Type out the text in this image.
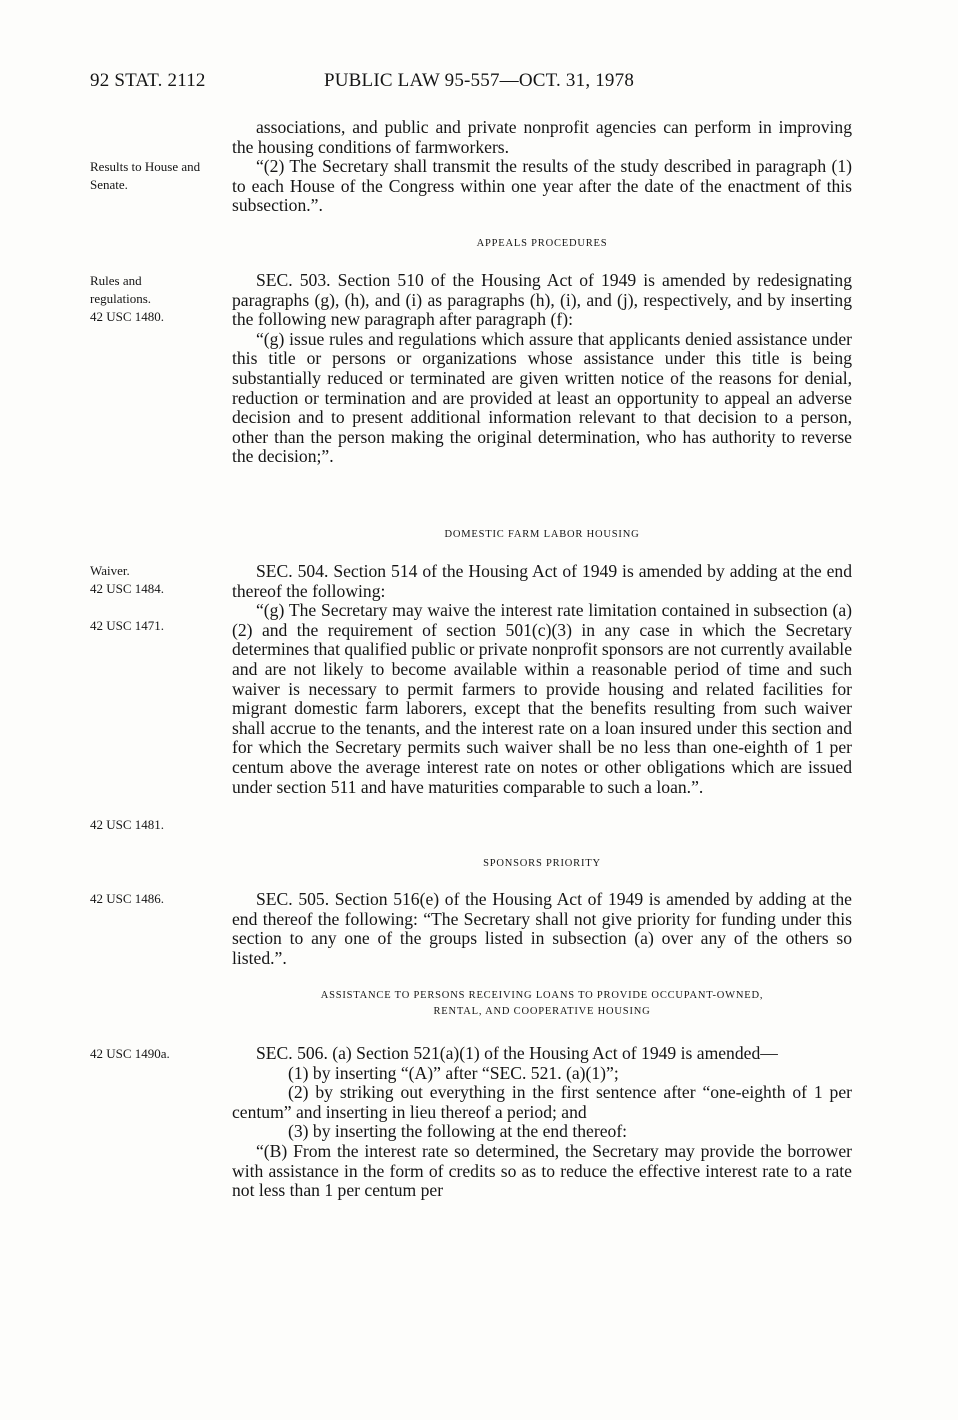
92 STAT. 2112	PUBLIC LAW 95-557—OCT. 31, 1978
Results to House and Senate.
Rules and
regulations.
42 USC 1480.
Waiver.
42 USC 1484.
42 USC 1471.
42 USC 1481.
42 USC 1486.
42 USC 1490a.

associations, and public and private nonprofit agencies can perform in improving the housing conditions of farmworkers.

“(2) The Secretary shall transmit the results of the study described in paragraph (1) to each House of the Congress within one year after the date of the enactment of this subsection.”.

APPEALS PROCEDURES

SEC. 503. Section 510 of the Housing Act of 1949 is amended by redesignating paragraphs (g), (h), and (i) as paragraphs (h), (i), and (j), respectively, and by inserting the following new paragraph after paragraph (f):

“(g) issue rules and regulations which assure that applicants denied assistance under this title or persons or organizations whose assistance under this title is being substantially reduced or terminated are given written notice of the reasons for denial, reduction or termination and are provided at least an opportunity to appeal an adverse decision and to present additional information relevant to that decision to a person, other than the person making the original determination, who has authority to reverse the decision;”.

DOMESTIC FARM LABOR HOUSING

SEC. 504. Section 514 of the Housing Act of 1949 is amended by adding at the end thereof the following:

“(g) The Secretary may waive the interest rate limitation contained in subsection (a)(2) and the requirement of section 501(c)(3) in any case in which the Secretary determines that qualified public or private nonprofit sponsors are not currently available and are not likely to become available within a reasonable period of time and such waiver is necessary to permit farmers to provide housing and related facilities for migrant domestic farm laborers, except that the benefits resulting from such waiver shall accrue to the tenants, and the interest rate on a loan insured under this section and for which the Secretary permits such waiver shall be no less than one-eighth of 1 per centum above the average interest rate on notes or other obligations which are issued under section 511 and have maturities comparable to such a loan.”.

SPONSORS PRIORITY

SEC. 505. Section 516(e) of the Housing Act of 1949 is amended by adding at the end thereof the following: “The Secretary shall not give priority for funding under this section to any one of the groups listed in subsection (a) over any of the others so listed.”.

ASSISTANCE TO PERSONS RECEIVING LOANS TO PROVIDE OCCUPANT-OWNED,

RENTAL, AND COOPERATIVE HOUSING

SEC. 506. (a) Section 521(a)(1) of the Housing Act of 1949 is amended—

(1) by inserting “(A)” after “SEC. 521. (a)(1)”;

(2) by striking out everything in the first sentence after “one-eighth of 1 per centum” and inserting in lieu thereof a period; and

(3) by inserting the following at the end thereof:

“(B) From the interest rate so determined, the Secretary may provide the borrower with assistance in the form of credits so as to reduce the effective interest rate to a rate not less than 1 per centum per
